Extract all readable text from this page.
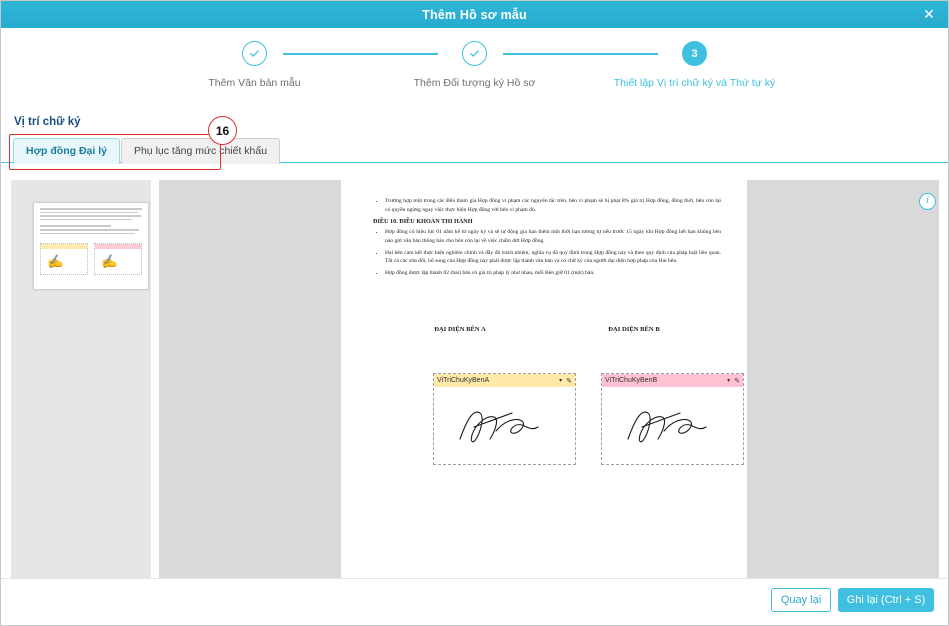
Thêm Hồ sơ mẫu	✕
Thêm Văn bản mẫu	Thêm Đối tượng ký Hồ sơ
3
Thiết lập Vị trí chữ ký và Thứ tự ký
Vị trí chữ ký
Hợp đồng Đại lý	Phụ lục tăng mức chiết khấu
16
✍	✍
i
• Trường hợp một trong các Bên tham gia Hợp đồng vi phạm các nguyên tắc trên, bên vi phạm sẽ bị phạt 8% giá trị Hợp đồng, đồng thời, bên còn lại có quyền ngừng ngay việc thực hiện Hợp đồng với bên vi phạm đó.
ĐIỀU 10. ĐIỀU KHOẢN THI HÀNH
• Hợp đồng có hiệu lực 01 năm kể từ ngày ký và sẽ tự động gia hạn thêm một thời hạn tương tự nếu trước 15 ngày khi Hợp đồng hết hạn không bên nào gửi văn bản thông báo cho bên còn lại về việc chấm dứt Hợp đồng.
• Hai bên cam kết thực hiện nghiêm chỉnh và đầy đủ trách nhiệm, nghĩa vụ đã quy định trong Hợp đồng này và theo quy định của pháp luật liên quan. Tất cả các sửa đổi, bổ sung của Hợp đồng này phải được lập thành văn bản và có chữ ký của người đại diện hợp pháp của Hai bên.
• Hợp đồng được lập thành 02 (hai) bản có giá trị pháp lý như nhau, mỗi Bên giữ 01 (một) bản.
ĐẠI DIỆN BÊN A	ĐẠI DIỆN BÊN B
ViTriChuKyBenA	▾ ✎	ViTriChuKyBenB	▾ ✎
Quay lại	Ghi lại (Ctrl + S)
